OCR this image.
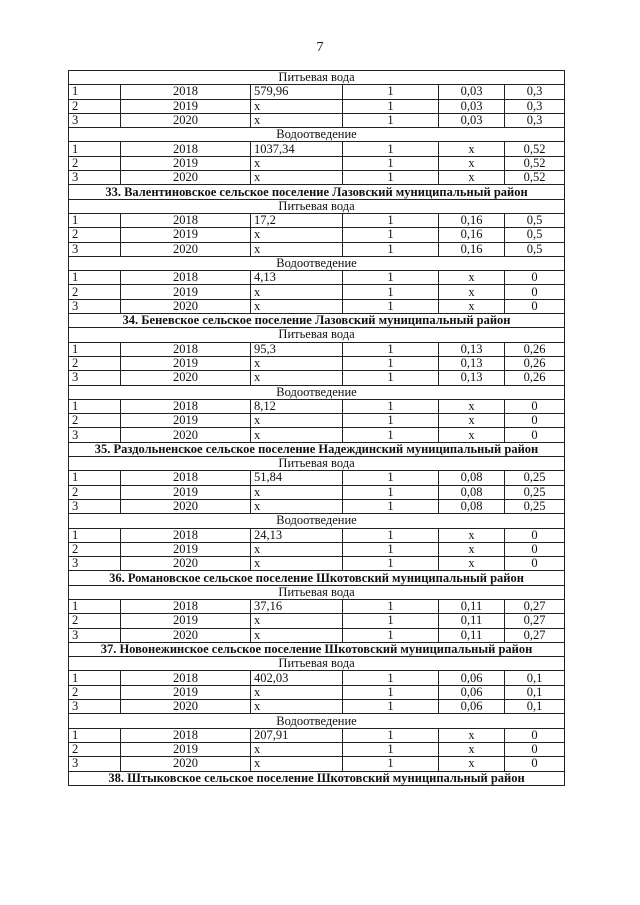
7
Питьевая вода					
1	2018	579,96	1	0,03	0,3
2	2019	x	1	0,03	0,3
3	2020	x	1	0,03	0,3
Водоотведение					
1	2018	1037,34	1	x	0,52
2	2019	x	1	x	0,52
3	2020	x	1	x	0,52
33. Валентиновское сельское поселение Лазовский муниципальный район					
Питьевая вода					
1	2018	17,2	1	0,16	0,5
2	2019	x	1	0,16	0,5
3	2020	x	1	0,16	0,5
Водоотведение					
1	2018	4,13	1	x	0
2	2019	x	1	x	0
3	2020	x	1	x	0
34. Беневское сельское поселение Лазовский муниципальный район					
Питьевая вода					
1	2018	95,3	1	0,13	0,26
2	2019	x	1	0,13	0,26
3	2020	x	1	0,13	0,26
Водоотведение					
1	2018	8,12	1	x	0
2	2019	x	1	x	0
3	2020	x	1	x	0
35. Раздольненское сельское поселение Надеждинский муниципальный район					
Питьевая вода					
1	2018	51,84	1	0,08	0,25
2	2019	x	1	0,08	0,25
3	2020	x	1	0,08	0,25
Водоотведение					
1	2018	24,13	1	x	0
2	2019	x	1	x	0
3	2020	x	1	x	0
36. Романовское сельское поселение Шкотовский муниципальный район					
Питьевая вода					
1	2018	37,16	1	0,11	0,27
2	2019	x	1	0,11	0,27
3	2020	x	1	0,11	0,27
37. Новонежинское сельское поселение Шкотовский муниципальный район					
Питьевая вода					
1	2018	402,03	1	0,06	0,1
2	2019	x	1	0,06	0,1
3	2020	x	1	0,06	0,1
Водоотведение					
1	2018	207,91	1	x	0
2	2019	x	1	x	0
3	2020	x	1	x	0
38. Штыковское сельское поселение Шкотовский муниципальный район					
